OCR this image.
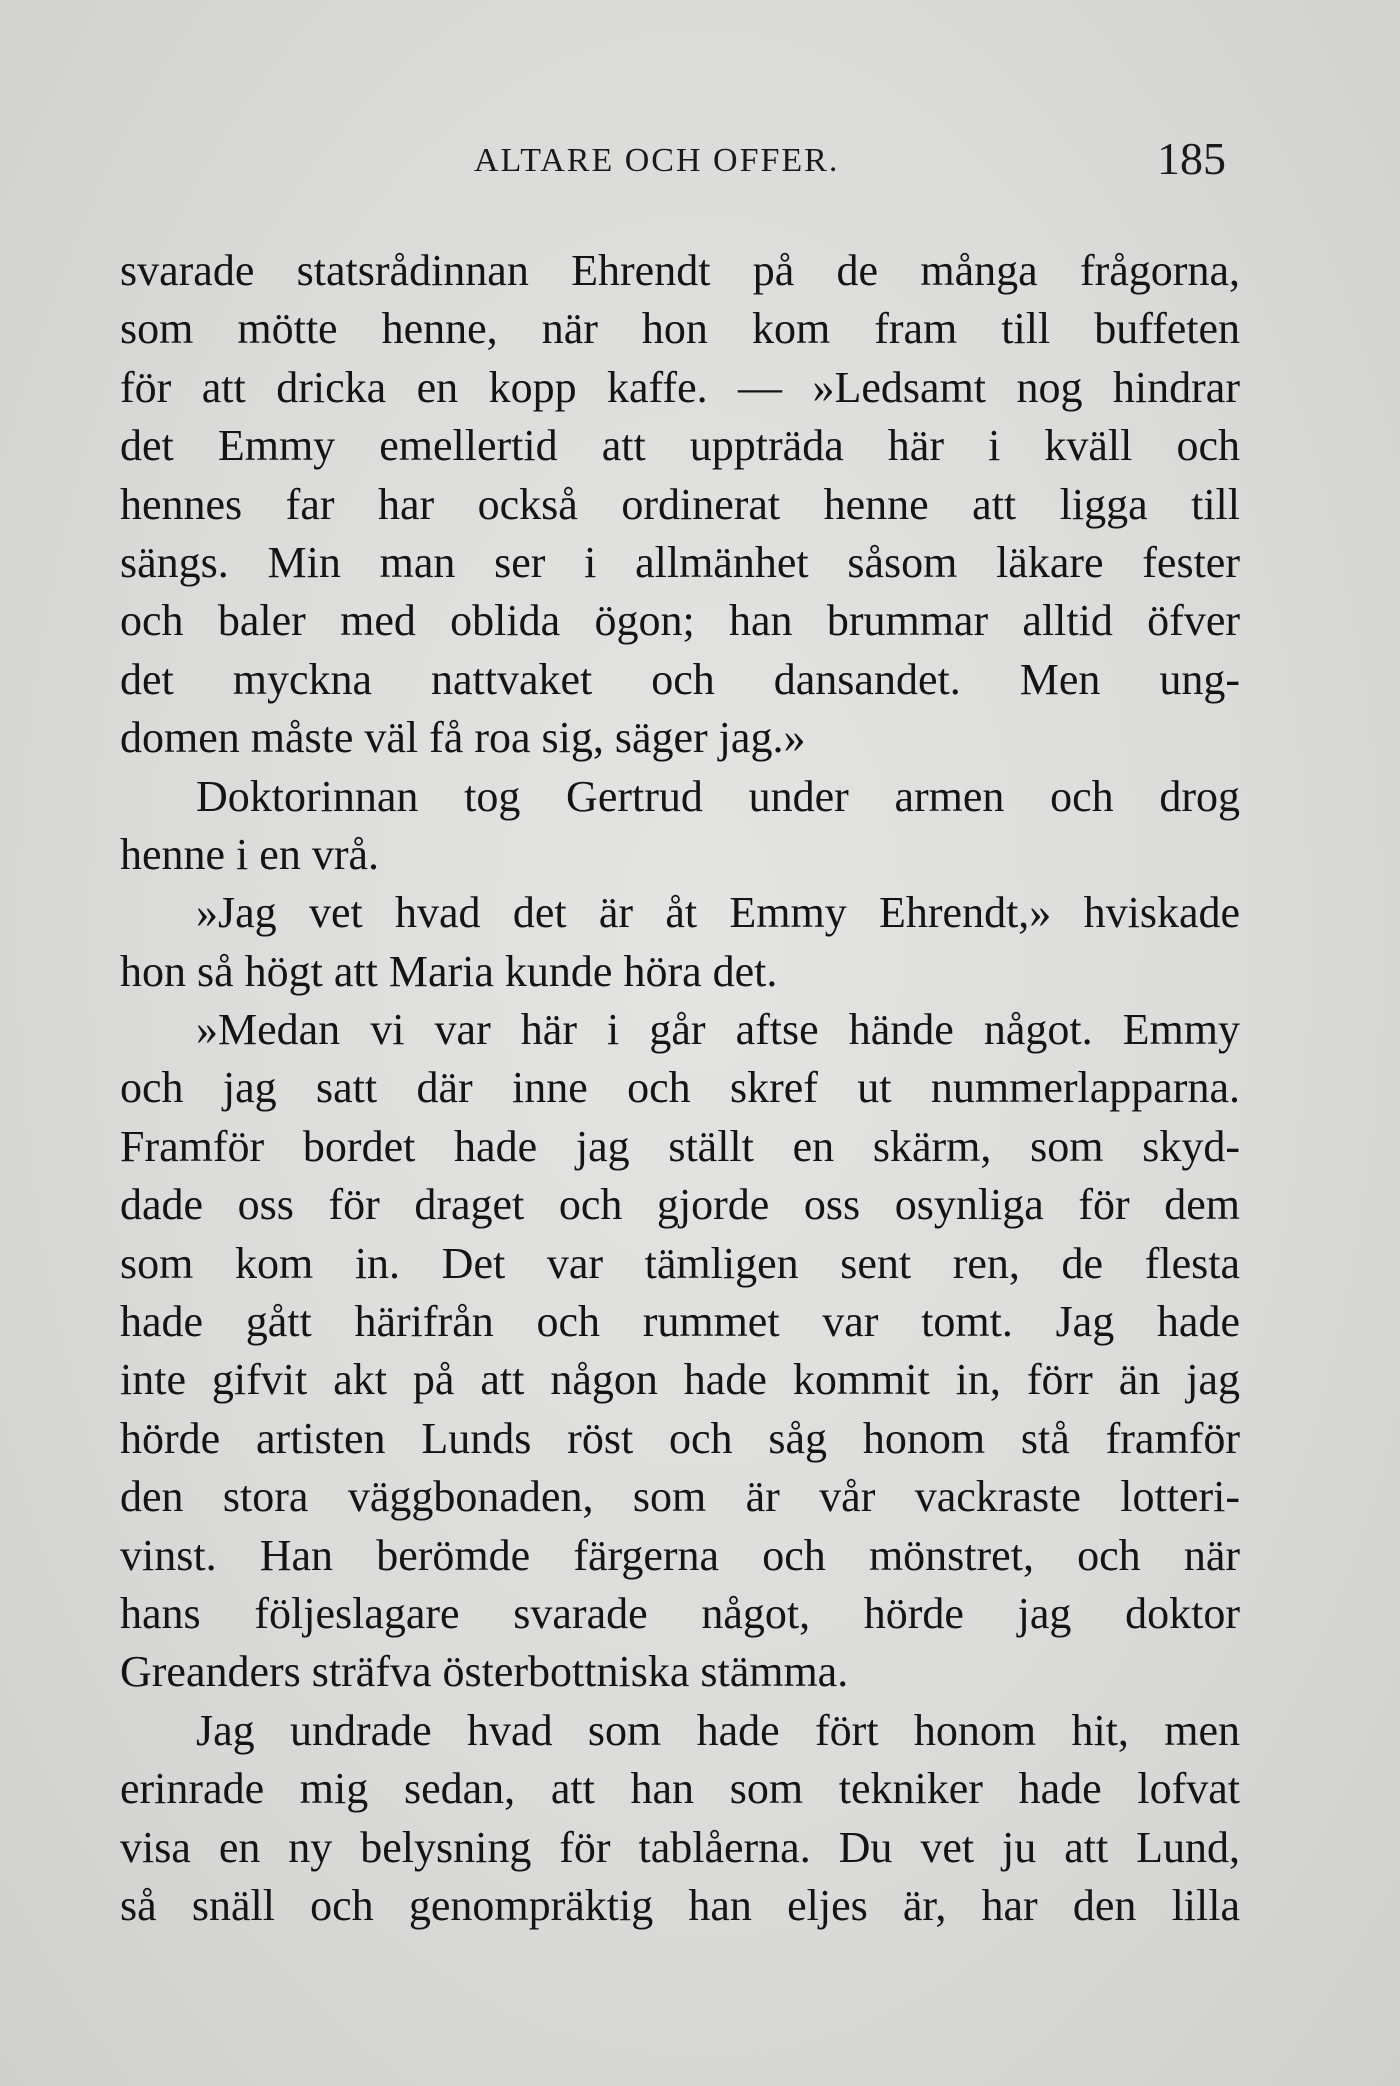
ALTARE OCH OFFER.	185
svarade statsrådinnan Ehrendt på de många frågorna,
som mötte henne, när hon kom fram till buffeten
för att dricka en kopp kaffe. — »Ledsamt nog hindrar
det Emmy emellertid att uppträda här i kväll och
hennes far har också ordinerat henne att ligga till
sängs. Min man ser i allmänhet såsom läkare fester
och baler med oblida ögon; han brummar alltid öfver
det myckna nattvaket och dansandet. Men ung-
domen måste väl få roa sig, säger jag.»
Doktorinnan tog Gertrud under armen och drog
henne i en vrå.
»Jag vet hvad det är åt Emmy Ehrendt,» hviskade
hon så högt att Maria kunde höra det.
»Medan vi var här i går aftse hände något. Emmy
och jag satt där inne och skref ut nummerlapparna.
Framför bordet hade jag ställt en skärm, som skyd-
dade oss för draget och gjorde oss osynliga för dem
som kom in. Det var tämligen sent ren, de flesta
hade gått härifrån och rummet var tomt. Jag hade
inte gifvit akt på att någon hade kommit in, förr än jag
hörde artisten Lunds röst och såg honom stå framför
den stora väggbonaden, som är vår vackraste lotteri-
vinst. Han berömde färgerna och mönstret, och när
hans följeslagare svarade något, hörde jag doktor
Greanders sträfva österbottniska stämma.
Jag undrade hvad som hade fört honom hit, men
erinrade mig sedan, att han som tekniker hade lofvat
visa en ny belysning för tablåerna. Du vet ju att Lund,
så snäll och genompräktig han eljes är, har den lilla
